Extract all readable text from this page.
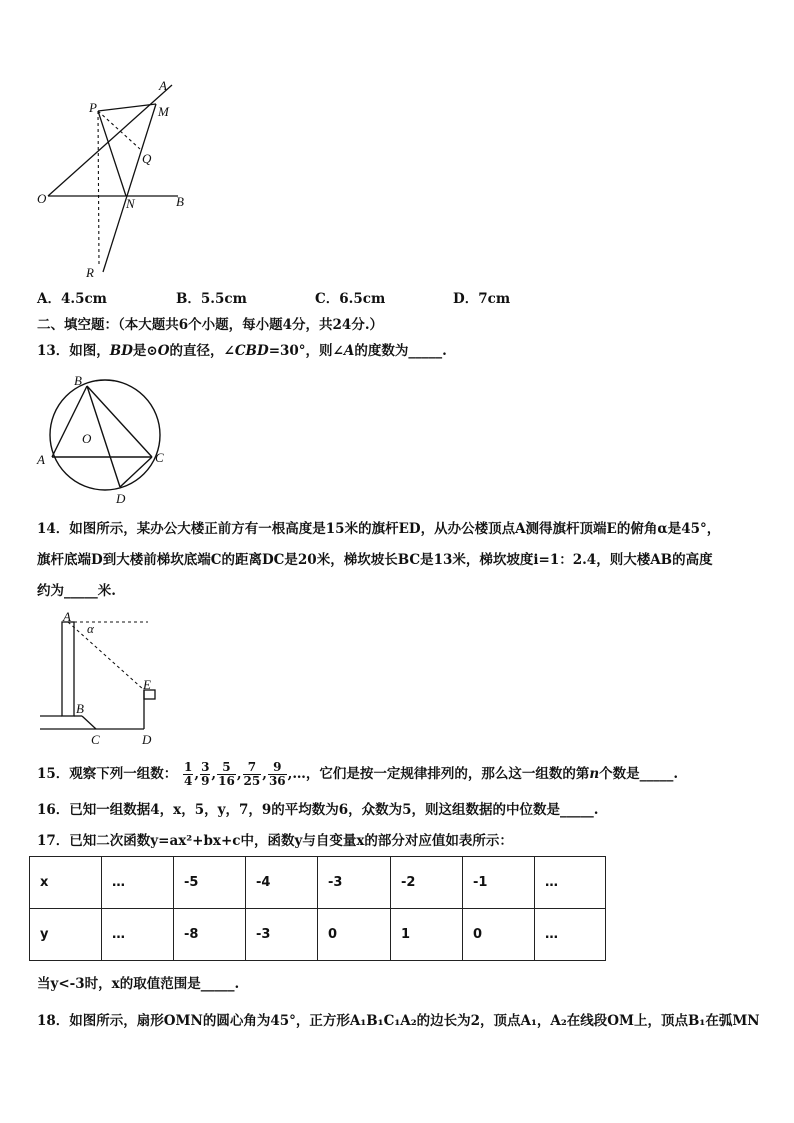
A
M
P
Q
O	N	B
R
A．4.5cm	B．5.5cm	C．6.5cm	D．7cm
二、填空题：（本大题共6个小题，每小题4分，共24分.）
13．如图，BD是⊙O的直径，∠CBD=30°，则∠A的度数为_____.
B
O
A	C
D
14．如图所示，某办公大楼正前方有一根高度是15米的旗杆ED，从办公楼顶点A测得旗杆顶端E的俯角α是45°，
旗杆底端D到大楼前梯坎底端C的距离DC是20米，梯坎坡长BC是13米，梯坎坡度i=1：2.4，则大楼AB的高度
约为_____米.
A
α
E
B
C	D
15．观察下列一组数： $\frac{1}{4}$ , $\frac{3}{9}$ , $\frac{5}{16}$ , $\frac{7}{25}$ , $\frac{9}{36}$ ,…，它们是按一定规律排列的，那么这一组数的第n个数是_____.
16．已知一组数据4，x，5，y，7，9的平均数为6，众数为5，则这组数据的中位数是_____.
17．已知二次函数y=ax²+bx+c中，函数y与自变量x的部分对应值如表所示：
x	…	-5	-4	-3	-2	-1	…
y	…	-8	-3	0	1	0	…
当y<-3时，x的取值范围是_____.
18．如图所示，扇形OMN的圆心角为45°，正方形A₁B₁C₁A₂的边长为2，顶点A₁，A₂在线段OM上，顶点B₁在弧MN
